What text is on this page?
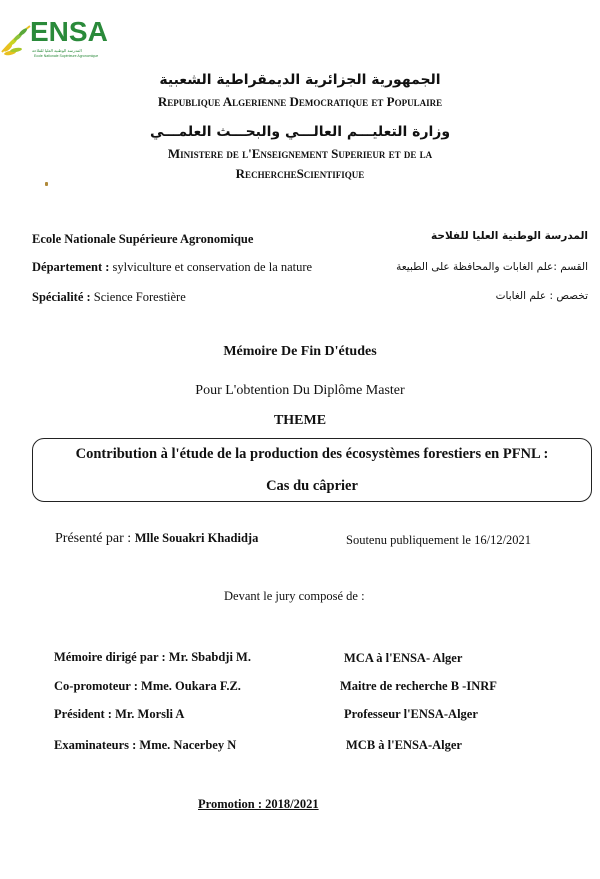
ENSA
المدرسة الوطنية العليا للفلاحة
Ecole Nationale Supérieure Agronomique
الجمهورية الجزائرية الديمقراطية الشعبية
Republique Algerienne Democratique et Populaire
وزارة التعليـــم العالـــي والبحـــث العلمـــي
Ministere de l'Enseignement Superieur et de la
RechercheScientifique
Ecole Nationale Supérieure Agronomique	المدرسة الوطنية العليا للفلاحة
Département : sylviculture et conservation de la nature	القسم :علم الغابات والمحافظة على الطبيعة
Spécialité : Science Forestière	تخصص : علم الغابات
Mémoire De Fin D'études
Pour L'obtention Du Diplôme Master
THEME
Contribution à l'étude de la production des écosystèmes forestiers en PFNL :
Cas du câprier
Présenté par : Mlle Souakri Khadidja	Soutenu publiquement le 16/12/2021
Devant le jury composé de :
Mémoire dirigé par : Mr. Sbabdji M.	MCA à l'ENSA- Alger
Co-promoteur : Mme. Oukara F.Z.	Maitre de recherche B -INRF
Président : Mr. Morsli A	Professeur l'ENSA-Alger
Examinateurs : Mme. Nacerbey N	MCB à l'ENSA-Alger
Promotion : 2018/2021
